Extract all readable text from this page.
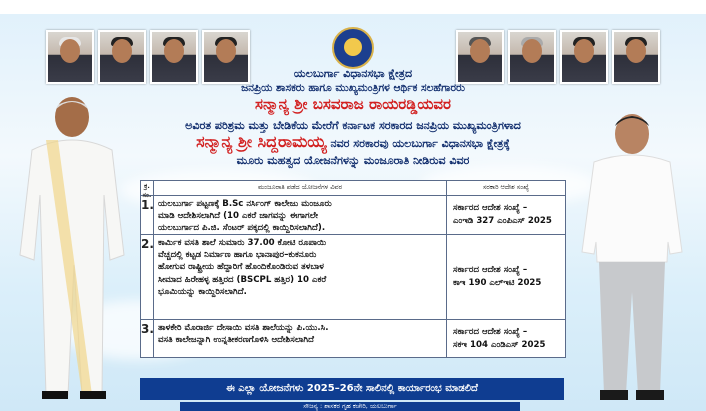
ಯಲಬುರ್ಗಾ ವಿಧಾನಸಭಾ ಕ್ಷೇತ್ರದ
ಜನಪ್ರಿಯ ಶಾಸಕರು ಹಾಗೂ ಮುಖ್ಯಮಂತ್ರಿಗಳ ಆರ್ಥಿಕ ಸಲಹೆಗಾರರು
ಸನ್ಮಾನ್ಯ ಶ್ರೀ ಬಸವರಾಜ ರಾಯರಡ್ಡಿಯವರ
ಅವಿರತ ಪರಿಶ್ರಮ ಮತ್ತು ಬೇಡಿಕೆಯ ಮೇರೆಗೆ ಕರ್ನಾಟಕ ಸರಕಾರದ ಜನಪ್ರಿಯ ಮುಖ್ಯಮಂತ್ರಿಗಳಾದ
ಸನ್ಮಾನ್ಯ ಶ್ರೀ ಸಿದ್ದರಾಮಯ್ಯ ನವರ ಸರಕಾರವು ಯಲಬುರ್ಗಾ ವಿಧಾನಸಭಾ ಕ್ಷೇತ್ರಕ್ಕೆ
ಮೂರು ಮಹತ್ವದ ಯೋಜನೆಗಳನ್ನು ಮಂಜೂರಾತಿ ನೀಡಿರುವ ವಿವರ
ಕ್ರ. ಸಂ.
ಮಂಜೂರಾತಿ ಪಡೆದ ಯೋಜನೆಗಳ ವಿವರ	ಸರಕಾರಿ ಆದೇಶ ಸಂಖ್ಯೆ
1. ಯಲಬುರ್ಗಾ ಪಟ್ಟಣಕ್ಕೆ B.Sc ನರ್ಸಿಂಗ್ ಕಾಲೇಜು ಮಂಜೂರು
ಮಾಡಿ ಆದೇಶಿಸಲಾಗಿದೆ (10 ಎಕರೆ ಜಾಗವನ್ನು ಈಗಾಗಲೇ
ಯಲಬುರ್ಗಾದ ಪಿ.ಜಿ. ಸೆಂಟರ್ ಪಕ್ಕದಲ್ಲಿ ಕಾಯ್ದಿರಿಸಲಾಗಿದೆ).
ಸರ್ಕಾರದ ಆದೇಶ ಸಂಖ್ಯೆ –
ಎಂಇಡಿ 327 ಎಂಪಿಎಸ್ 2025
2. ಕಾರ್ಮಿಕ ವಸತಿ ಶಾಲೆ ಸುಮಾರು 37.00 ಕೋಟಿ ರೂಪಾಯಿ
ವೆಚ್ಚದಲ್ಲಿ ಕಟ್ಟಡ ನಿರ್ಮಾಣ ಹಾಗೂ ಭಾನಾಪುರ–ಕುಕನೂರು
ಹೋಗುವ ರಾಷ್ಟ್ರೀಯ ಹೆದ್ದಾರಿಗೆ ಹೊಂದಿಕೊಂಡಿರುವ ತಳಬಾಳ
ಸೀಮಾದ ಹಿರೇಹಳ್ಳ ಹತ್ತಿರದ (BSCPL ಹತ್ತಿರ) 10 ಎಕರೆ
ಭೂಮಿಯನ್ನು ಕಾಯ್ದಿರಿಸಲಾಗಿದೆ.
ಸರ್ಕಾರದ ಆದೇಶ ಸಂಖ್ಯೆ –
ಕಾಇ 190 ಎಲ್‌ಇಟಿ 2025
3. ತಾಳಕೇರಿ ಮೊರಾರ್ಜಿ ದೇಸಾಯಿ ವಸತಿ ಶಾಲೆಯನ್ನು ಪಿ.ಯು.ಸಿ.
ವಸತಿ ಕಾಲೇಜನ್ನಾಗಿ ಉನ್ನತೀಕರಣಗೊಳಿಸಿ ಆದೇಶಿಸಲಾಗಿದೆ
ಸರ್ಕಾರದ ಆದೇಶ ಸಂಖ್ಯೆ –
ಸಕಇ 104 ಎಂಡಿಎಸ್ 2025
ಈ ಎಲ್ಲಾ ಯೋಜನೆಗಳು 2025–26ನೇ ಸಾಲಿನಲ್ಲಿ ಕಾರ್ಯಾರಂಭ ಮಾಡಲಿದೆ
ಸೌಜನ್ಯ : ಶಾಸಕರ ಗೃಹ ಕಚೇರಿ, ಯಲಬುರ್ಗಾ
